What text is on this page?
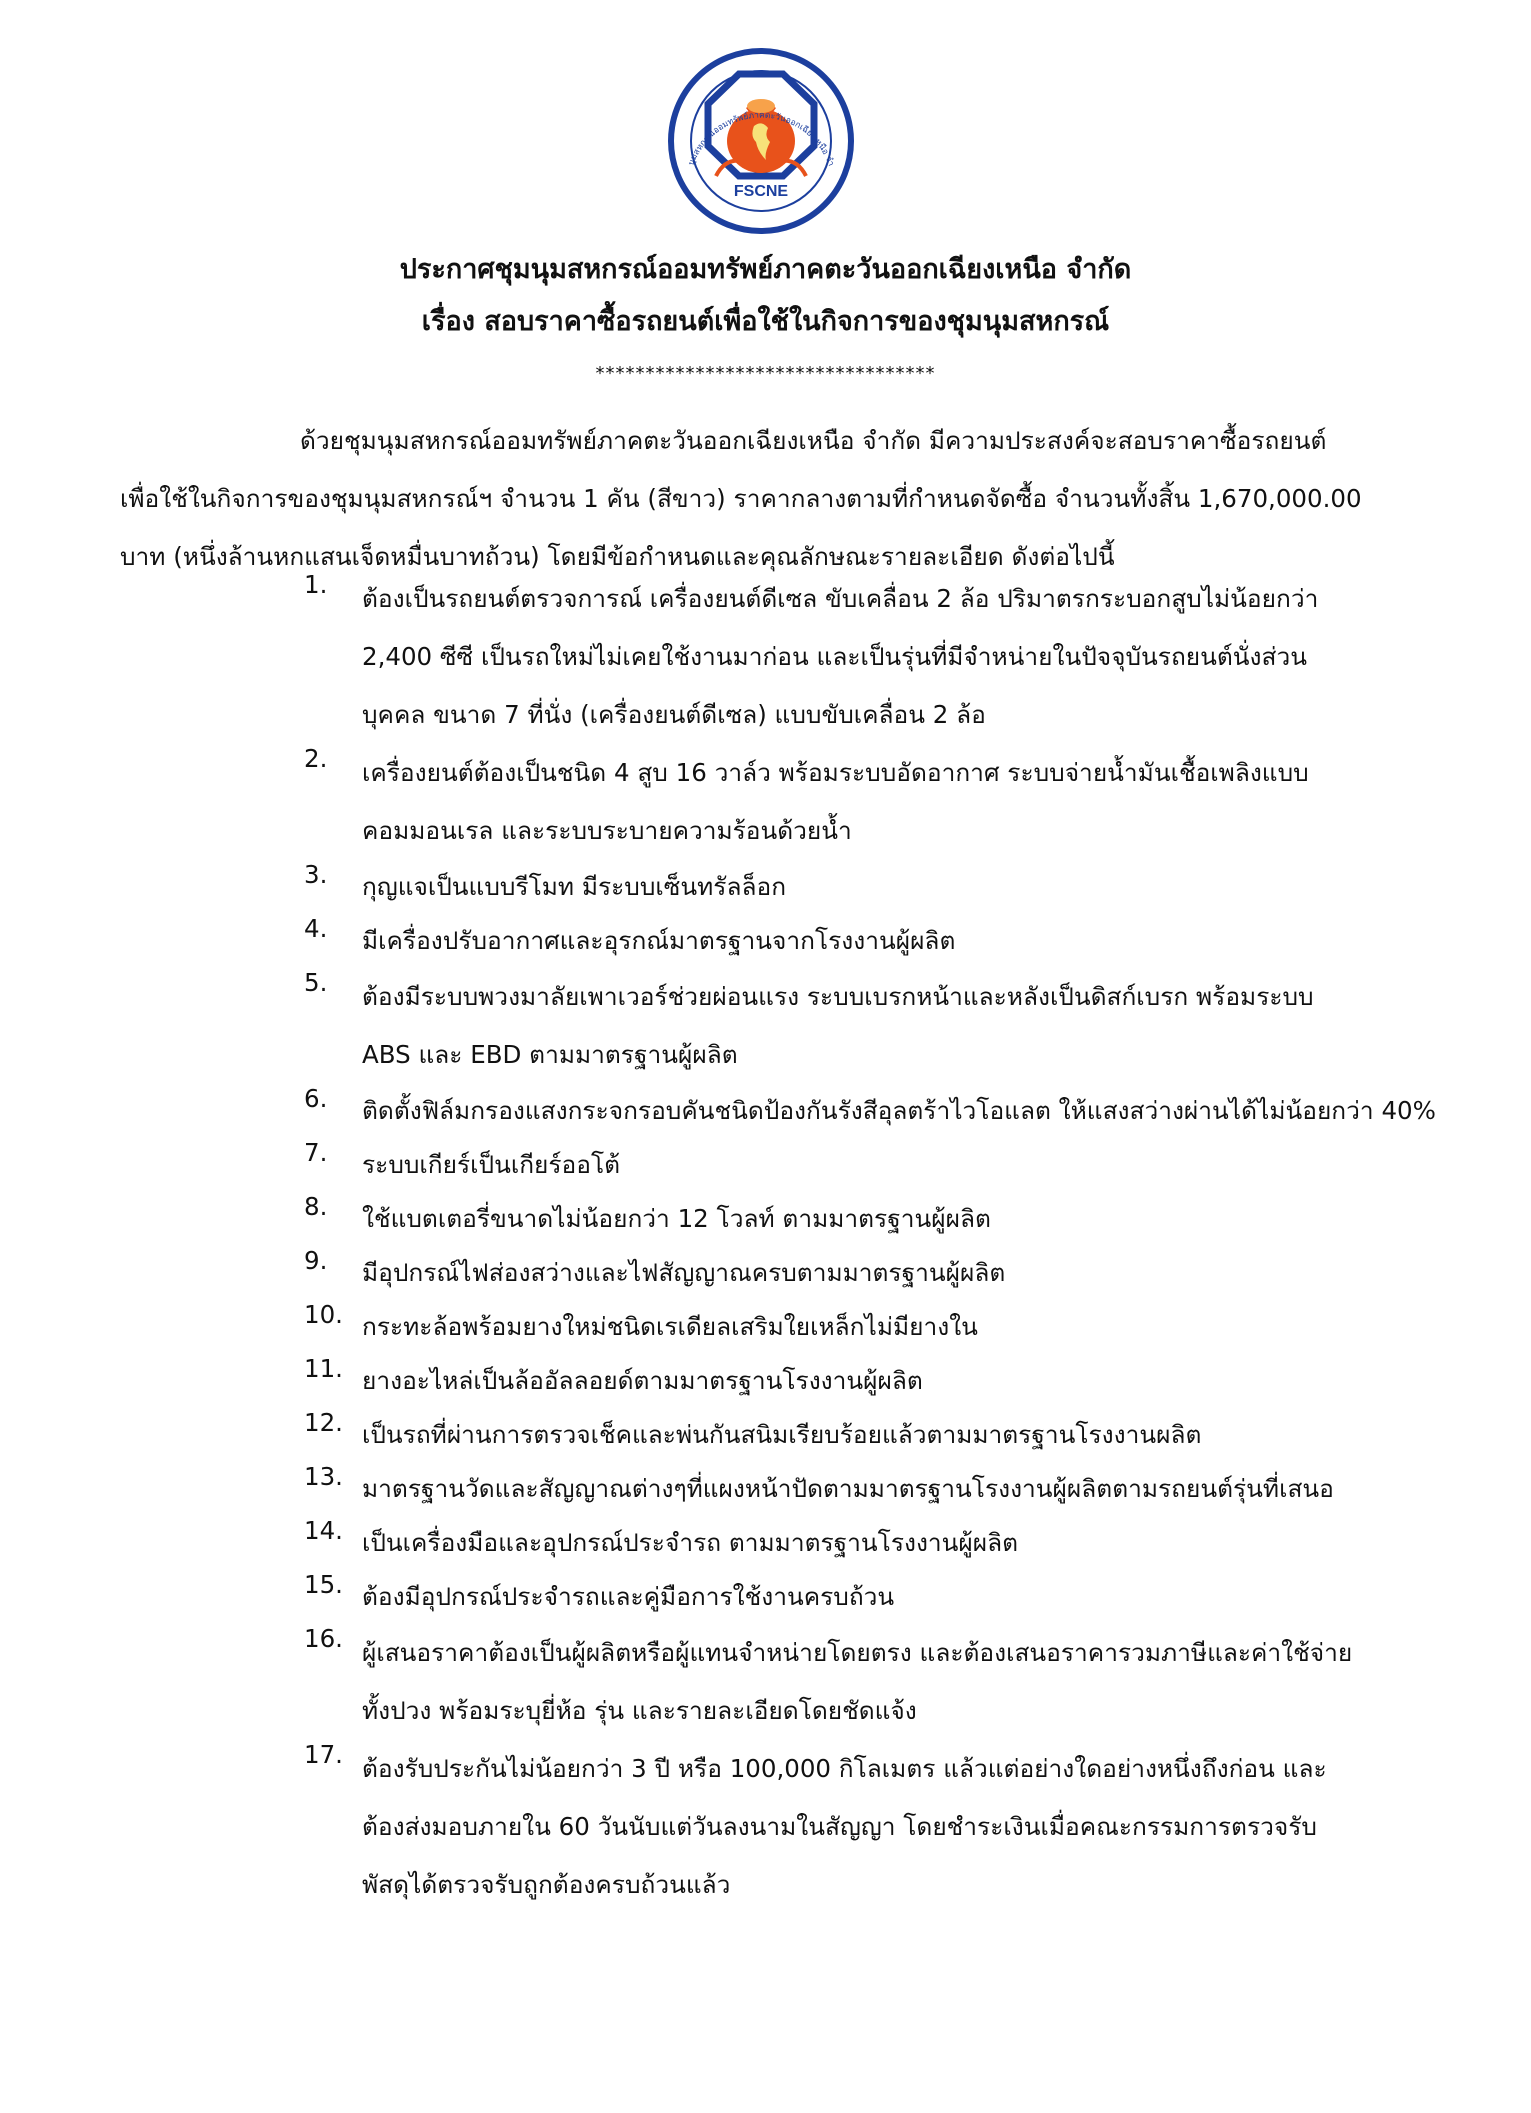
FSCNE
นุมสหกรณ์ออมทรัพย์ภาคตะวันออกเฉียงเหนือ จำ
ประกาศชุมนุมสหกรณ์ออมทรัพย์ภาคตะวันออกเฉียงเหนือ จำกัด
เรื่อง สอบราคาซื้อรถยนต์เพื่อใช้ในกิจการของชุมนุมสหกรณ์
**********************************
ด้วยชุมนุมสหกรณ์ออมทรัพย์ภาคตะวันออกเฉียงเหนือ จำกัด มีความประสงค์จะสอบราคาซื้อรถยนต์
เพื่อใช้ในกิจการของชุมนุมสหกรณ์ฯ จำนวน 1 คัน (สีขาว) ราคากลางตามที่กำหนดจัดซื้อ จำนวนทั้งสิ้น 1,670,000.00
บาท (หนึ่งล้านหกแสนเจ็ดหมื่นบาทถ้วน) โดยมีข้อกำหนดและคุณลักษณะรายละเอียด ดังต่อไปนี้
1.	ต้องเป็นรถยนต์ตรวจการณ์ เครื่องยนต์ดีเซล ขับเคลื่อน 2 ล้อ ปริมาตรกระบอกสูบไม่น้อยกว่า
2,400 ซีซี เป็นรถใหม่ไม่เคยใช้งานมาก่อน และเป็นรุ่นที่มีจำหน่ายในปัจจุบันรถยนต์นั่งส่วน
บุคคล ขนาด 7 ที่นั่ง (เครื่องยนต์ดีเซล) แบบขับเคลื่อน 2 ล้อ
2.	เครื่องยนต์ต้องเป็นชนิด 4 สูบ 16 วาล์ว พร้อมระบบอัดอากาศ ระบบจ่ายน้ำมันเชื้อเพลิงแบบ
คอมมอนเรล และระบบระบายความร้อนด้วยน้ำ
3.	กุญแจเป็นแบบรีโมท มีระบบเซ็นทรัลล็อก
4.	มีเครื่องปรับอากาศและอุรกณ์มาตรฐานจากโรงงานผู้ผลิต
5.	ต้องมีระบบพวงมาลัยเพาเวอร์ช่วยผ่อนแรง ระบบเบรกหน้าและหลังเป็นดิสก์เบรก พร้อมระบบ
ABS และ EBD ตามมาตรฐานผู้ผลิต
6.	ติดตั้งฟิล์มกรองแสงกระจกรอบคันชนิดป้องกันรังสีอุลตร้าไวโอแลต ให้แสงสว่างผ่านได้ไม่น้อยกว่า 40%
7.	ระบบเกียร์เป็นเกียร์ออโต้
8.	ใช้แบตเตอรี่ขนาดไม่น้อยกว่า 12 โวลท์ ตามมาตรฐานผู้ผลิต
9.	มีอุปกรณ์ไฟส่องสว่างและไฟสัญญาณครบตามมาตรฐานผู้ผลิต
10. กระทะล้อพร้อมยางใหม่ชนิดเรเดียลเสริมใยเหล็กไม่มียางใน
11. ยางอะไหล่เป็นล้ออัลลอยด์ตามมาตรฐานโรงงานผู้ผลิต
12. เป็นรถที่ผ่านการตรวจเช็คและพ่นกันสนิมเรียบร้อยแล้วตามมาตรฐานโรงงานผลิต
13. มาตรฐานวัดและสัญญาณต่างๆที่แผงหน้าปัดตามมาตรฐานโรงงานผู้ผลิตตามรถยนต์รุ่นที่เสนอ
14. เป็นเครื่องมือและอุปกรณ์ประจำรถ ตามมาตรฐานโรงงานผู้ผลิต
15. ต้องมีอุปกรณ์ประจำรถและคู่มือการใช้งานครบถ้วน
16. ผู้เสนอราคาต้องเป็นผู้ผลิตหรือผู้แทนจำหน่ายโดยตรง และต้องเสนอราคารวมภาษีและค่าใช้จ่าย
ทั้งปวง พร้อมระบุยี่ห้อ รุ่น และรายละเอียดโดยชัดแจ้ง
17. ต้องรับประกันไม่น้อยกว่า 3 ปี หรือ 100,000 กิโลเมตร แล้วแต่อย่างใดอย่างหนึ่งถึงก่อน และ
ต้องส่งมอบภายใน 60 วันนับแต่วันลงนามในสัญญา โดยชำระเงินเมื่อคณะกรรมการตรวจรับ
พัสดุได้ตรวจรับถูกต้องครบถ้วนแล้ว
